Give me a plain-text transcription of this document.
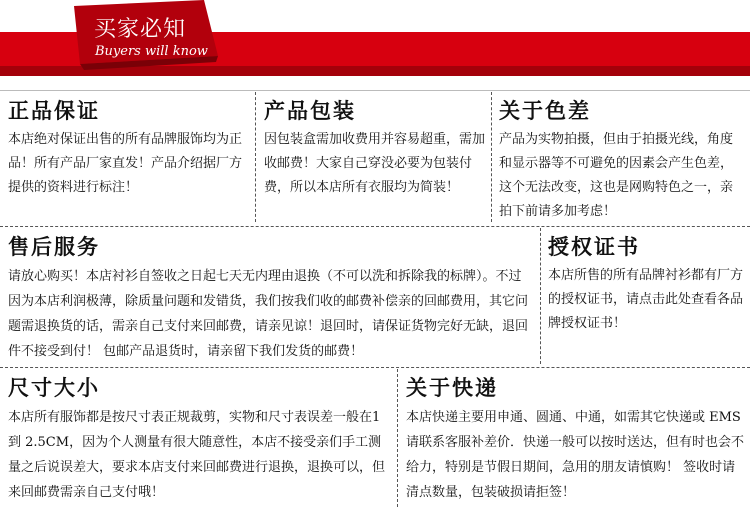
买家必知
Buyers will know
正品保证

本店绝对保证出售的所有品牌服饰均为正品！所有产品厂家直发！产品介绍据厂方提供的资料进行标注！

产品包装

因包装盒需加收费用并容易超重，需加收邮费！大家自己穿没必要为包装付费，所以本店所有衣服均为简装！

关于色差

产品为实物拍摄，但由于拍摄光线，角度和显示器等不可避免的因素会产生色差，这个无法改变，这也是网购特色之一，亲拍下前请多加考虑！

售后服务

请放心购买！本店衬衫自签收之日起七天无内理由退换（不可以洗和拆除我的标牌）。不过因为本店利润极薄，除质量问题和发错货，我们按我们收的邮费补偿亲的回邮费用，其它问题需退换货的话，需亲自己支付来回邮费，请亲见谅！退回时，请保证货物完好无缺，退回件不接受到付！ 包邮产品退货时，请亲留下我们发货的邮费！

授权证书

本店所售的所有品牌衬衫都有厂方的授权证书，请点击此处查看各品牌授权证书！

尺寸大小

本店所有服饰都是按尺寸表正规裁剪，实物和尺寸表误差一般在1 到 2.5CM，因为个人测量有很大随意性，本店不接受亲们手工测量之后说误差大，要求本店支付来回邮费进行退换，退换可以，但来回邮费需亲自己支付哦！

关于快递

本店快递主要用申通、圆通、中通，如需其它快递或 EMS 请联系客服补差价．快递一般可以按时送达，但有时也会不给力，特别是节假日期间，急用的朋友请慎购！ 签收时请清点数量，包装破损请拒签！
